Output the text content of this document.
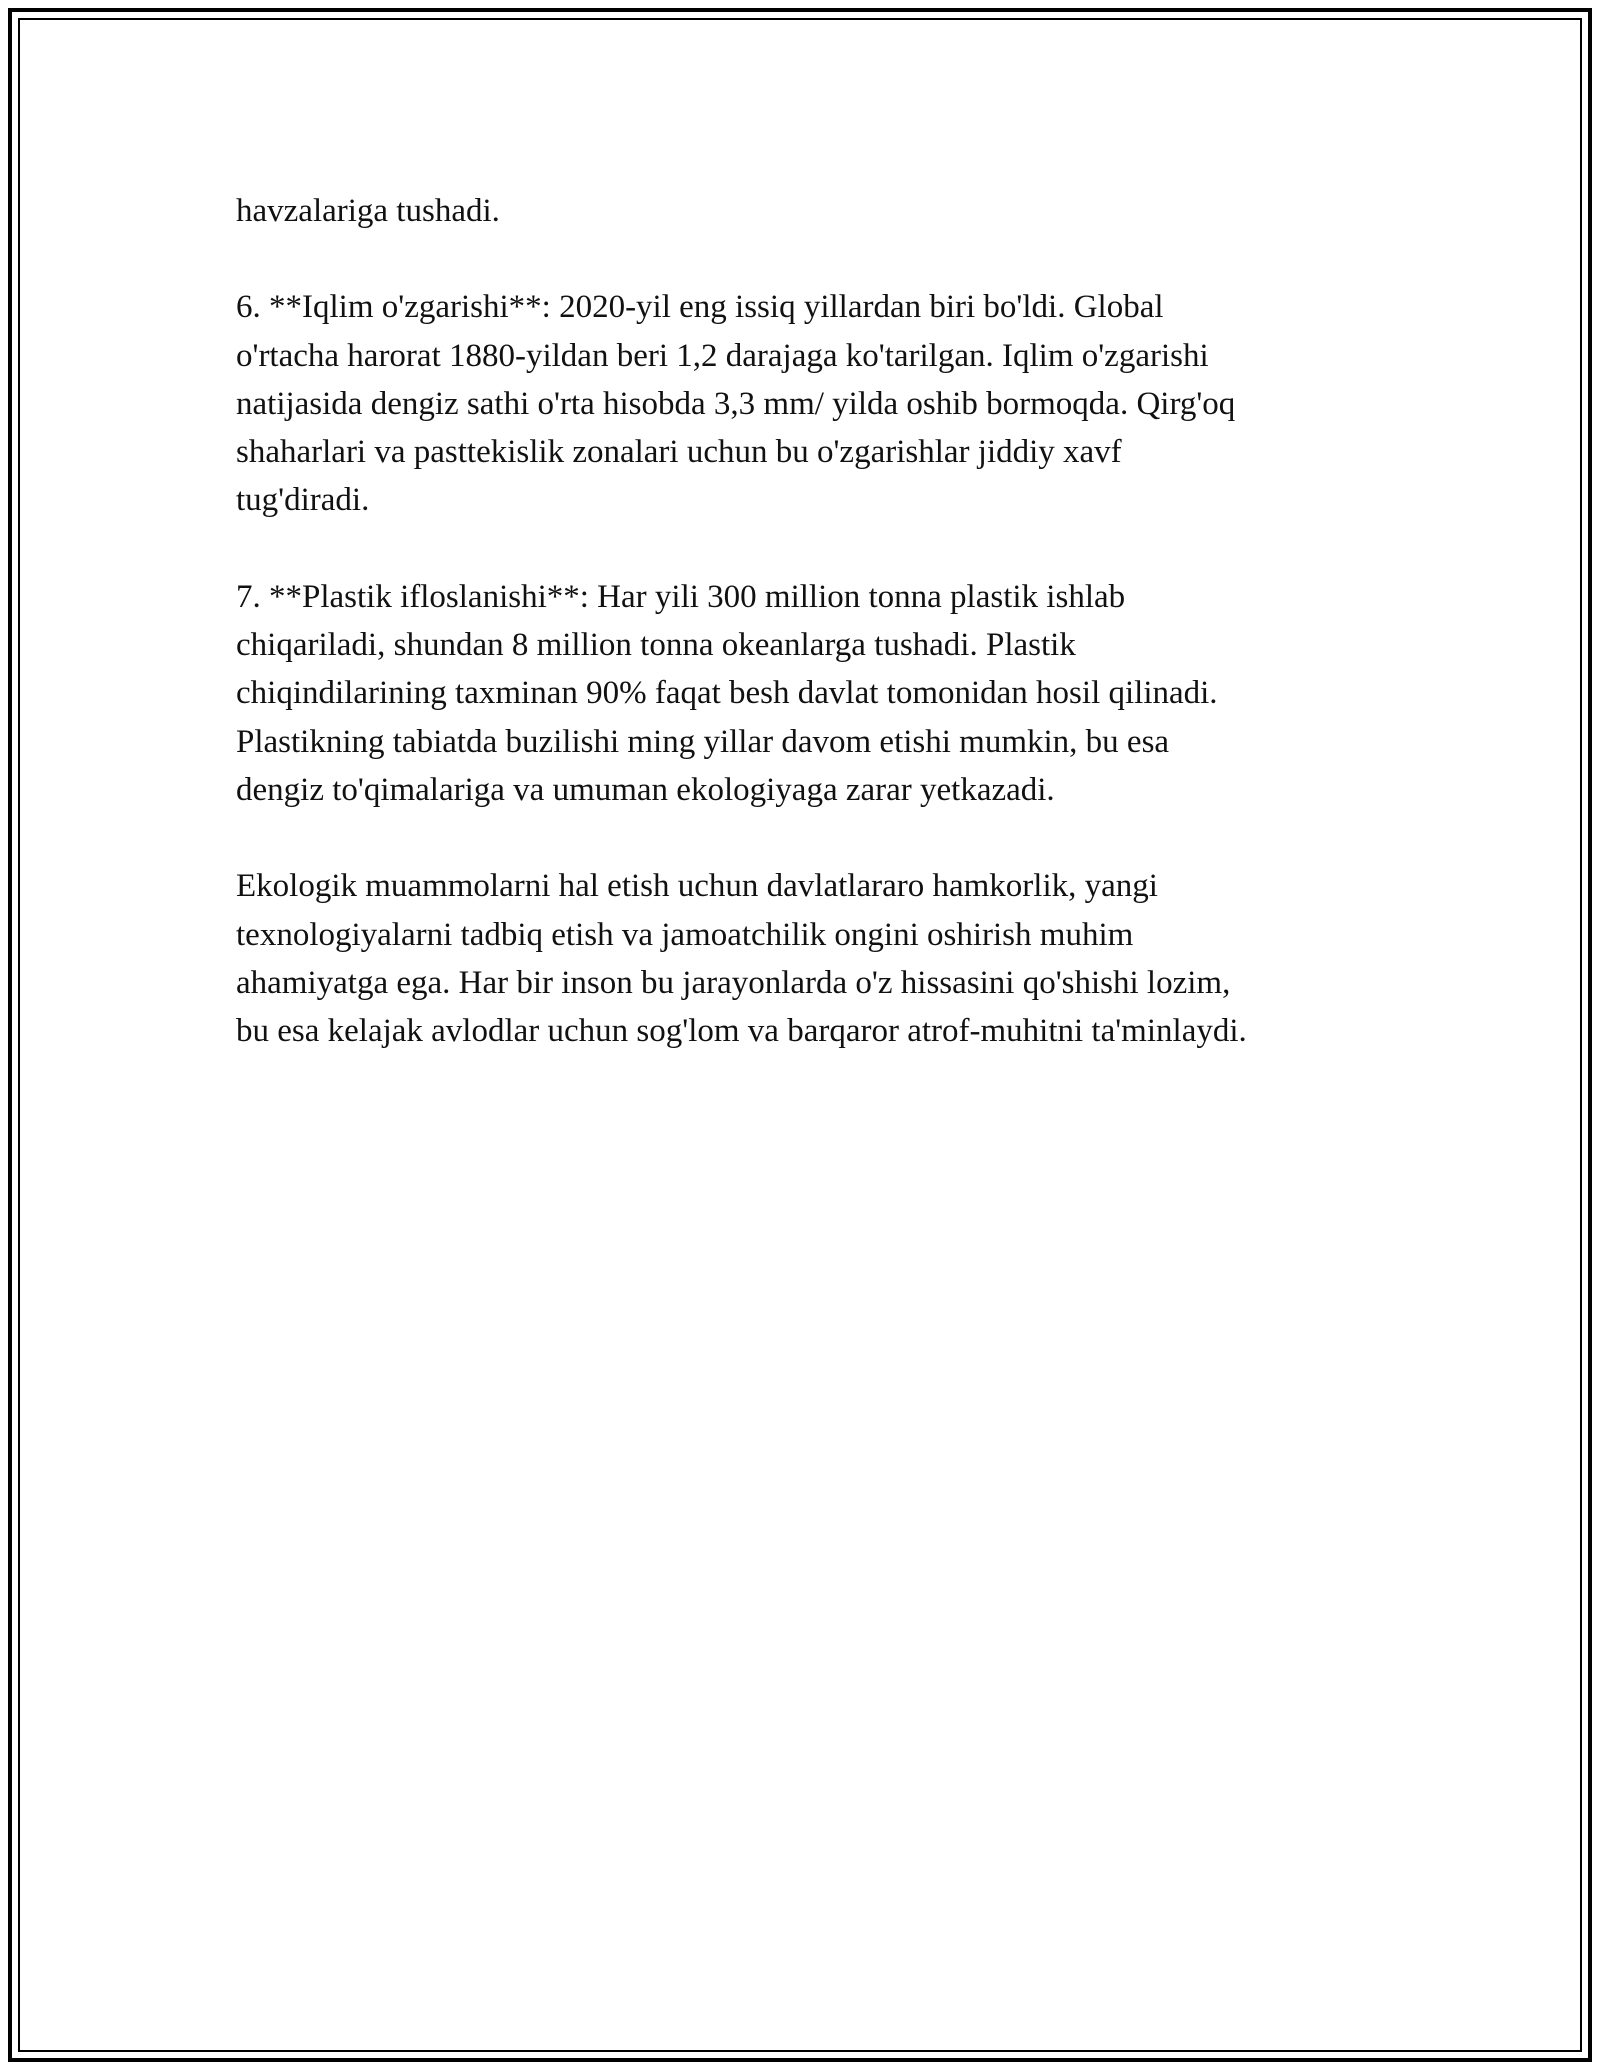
havzalariga tushadi.

6. **Iqlim o'zgarishi**: 2020-yil eng issiq yillardan biri bo'ldi. Global
o'rtacha harorat 1880-yildan beri 1,2 darajaga ko'tarilgan. Iqlim o'zgarishi
natijasida dengiz sathi o'rta hisobda 3,3 mm/ yilda oshib bormoqda. Qirg'oq
shaharlari va pasttekislik zonalari uchun bu o'zgarishlar jiddiy xavf
tug'diradi.

7. **Plastik ifloslanishi**: Har yili 300 million tonna plastik ishlab
chiqariladi, shundan 8 million tonna okeanlarga tushadi. Plastik
chiqindilarining taxminan 90% faqat besh davlat tomonidan hosil qilinadi.
Plastikning tabiatda buzilishi ming yillar davom etishi mumkin, bu esa
dengiz to'qimalariga va umuman ekologiyaga zarar yetkazadi.

Ekologik muammolarni hal etish uchun davlatlararo hamkorlik, yangi
texnologiyalarni tadbiq etish va jamoatchilik ongini oshirish muhim
ahamiyatga ega. Har bir inson bu jarayonlarda o'z hissasini qo'shishi lozim,
bu esa kelajak avlodlar uchun sog'lom va barqaror atrof-muhitni ta'minlaydi.
